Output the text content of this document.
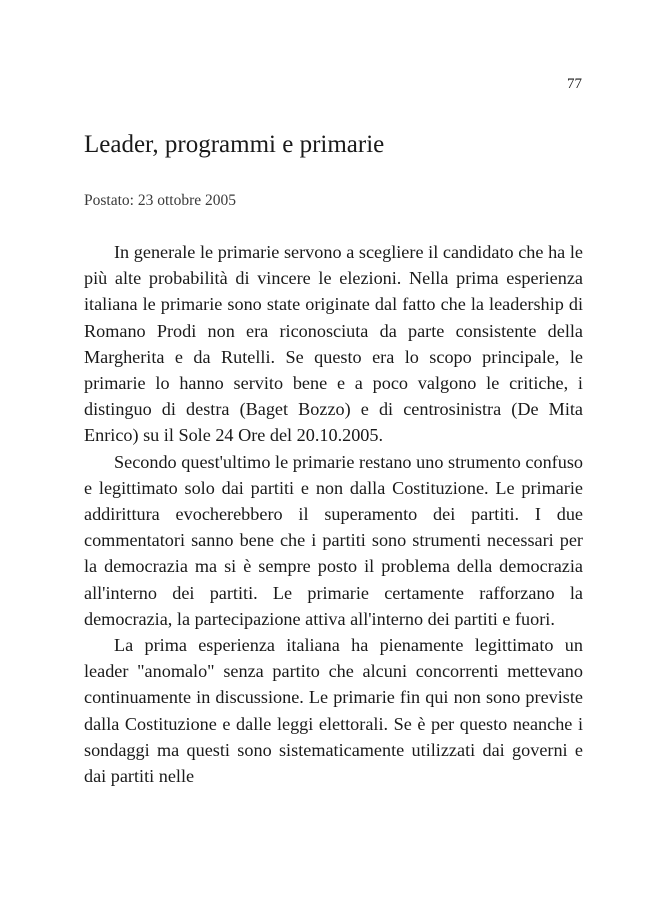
77
Leader, programmi e primarie
Postato: 23 ottobre 2005

In generale le primarie servono a scegliere il candidato che ha le più alte probabilità di vincere le elezioni. Nella prima esperienza italiana le primarie sono state originate dal fatto che la leadership di Romano Prodi non era riconosciuta da parte consistente della Margherita e da Rutelli. Se questo era lo scopo principale, le primarie lo hanno servito bene e a poco valgono le critiche, i distinguo di destra (Baget Bozzo) e di centrosinistra (De Mita Enrico) su il Sole 24 Ore del 20.10.2005.

Secondo quest'ultimo le primarie restano uno strumento confuso e legittimato solo dai partiti e non dalla Costituzione. Le primarie addirittura evocherebbero il superamento dei partiti. I due commentatori sanno bene che i partiti sono strumenti necessari per la democrazia ma si è sempre posto il problema della democrazia all'interno dei partiti. Le primarie certamente rafforzano la democrazia, la partecipazione attiva all'interno dei partiti e fuori.

La prima esperienza italiana ha pienamente legittimato un leader "anomalo" senza partito che alcuni concorrenti mettevano continuamente in discussione. Le primarie fin qui non sono previste dalla Costituzione e dalle leggi elettorali. Se è per questo neanche i sondaggi ma questi sono sistematicamente utilizzati dai governi e dai partiti nelle
